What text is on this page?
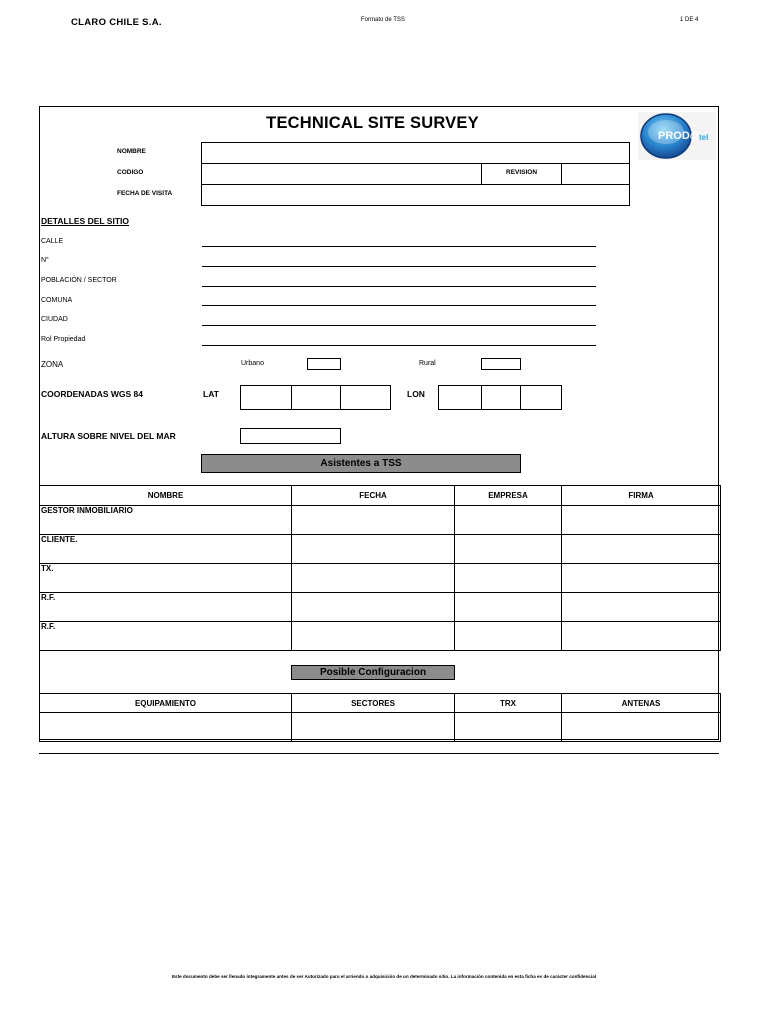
CLARO CHILE S.A.	Formato de TSS	1 DE 4
TECHNICAL SITE SURVEY
PROD@
tel
NOMBRE
CODIGO	REVISION
FECHA DE VISITA
DETALLES DEL SITIO
CALLE
N°
POBLACIÓN / SECTOR
COMUNA
CIUDAD
Rol Propiedad
ZONA	Urbano	Rural
COORDENADAS WGS 84	LAT	LON
ALTURA SOBRE NIVEL DEL MAR
Asistentes a TSS
NOMBRE	FECHA	EMPRESA	FIRMA
GESTOR INMOBILIARIO			
CLIENTE.			
TX.			
R.F.			
R.F.			
Posible Configuracion
EQUIPAMIENTO	SECTORES	TRX	ANTENAS

Este documento debe ser llenado íntegramente antes de ser Autorizado para el arriendo o adquisición de un determinado sitio. La información contenida en esta ficha es de carácter confidencial
